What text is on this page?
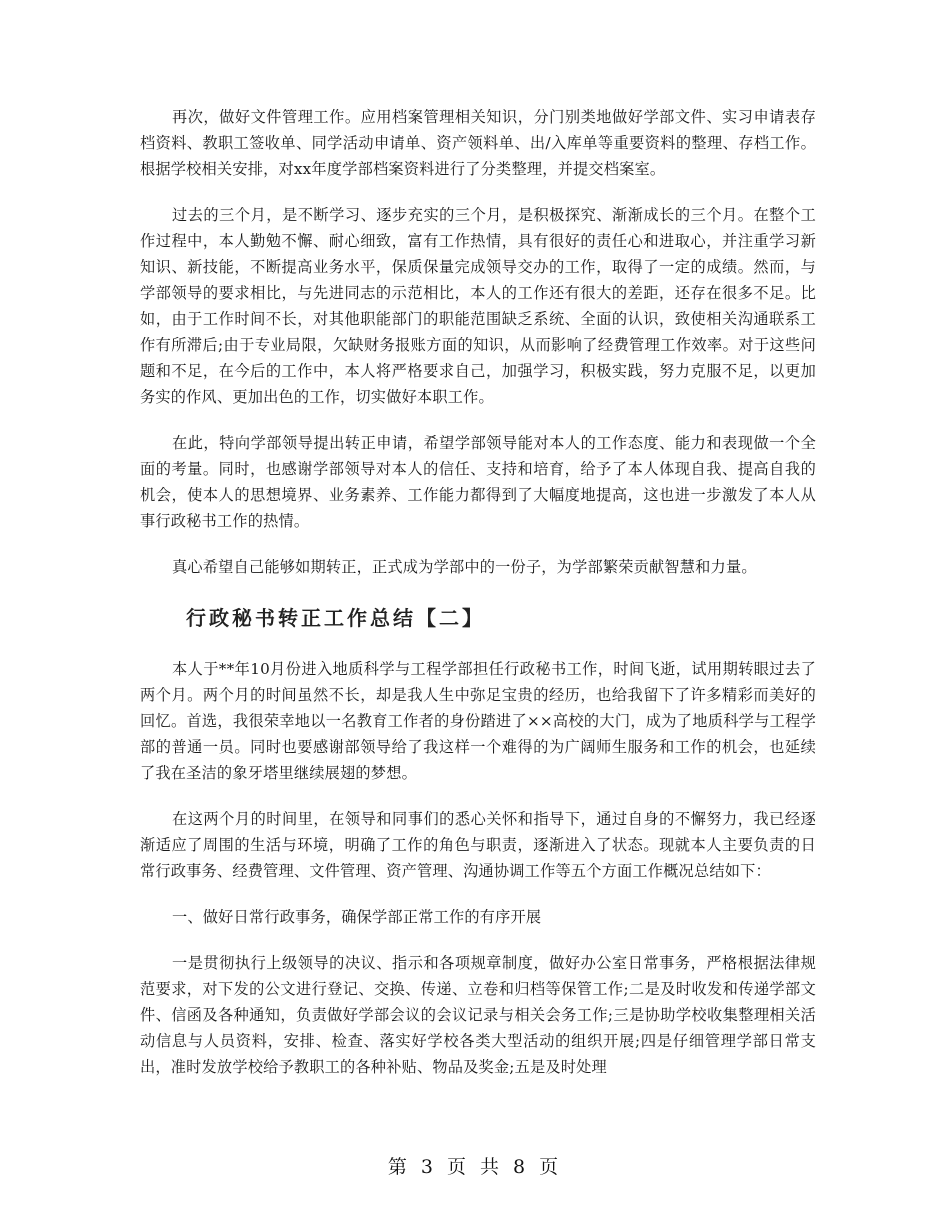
再次，做好文件管理工作。应用档案管理相关知识，分门别类地做好学部文件、实习申请表存档资料、教职工签收单、同学活动申请单、资产领料单、出/入库单等重要资料的整理、存档工作。根据学校相关安排，对xx年度学部档案资料进行了分类整理，并提交档案室。

过去的三个月，是不断学习、逐步充实的三个月，是积极探究、渐渐成长的三个月。在整个工作过程中，本人勤勉不懈、耐心细致，富有工作热情，具有很好的责任心和进取心，并注重学习新知识、新技能，不断提高业务水平，保质保量完成领导交办的工作，取得了一定的成绩。然而，与学部领导的要求相比，与先进同志的示范相比，本人的工作还有很大的差距，还存在很多不足。比如，由于工作时间不长，对其他职能部门的职能范围缺乏系统、全面的认识，致使相关沟通联系工作有所滞后;由于专业局限，欠缺财务报账方面的知识，从而影响了经费管理工作效率。对于这些问题和不足，在今后的工作中，本人将严格要求自己，加强学习，积极实践，努力克服不足，以更加务实的作风、更加出色的工作，切实做好本职工作。

在此，特向学部领导提出转正申请，希望学部领导能对本人的工作态度、能力和表现做一个全面的考量。同时，也感谢学部领导对本人的信任、支持和培育，给予了本人体现自我、提高自我的机会，使本人的思想境界、业务素养、工作能力都得到了大幅度地提高，这也进一步激发了本人从事行政秘书工作的热情。

真心希望自己能够如期转正，正式成为学部中的一份子，为学部繁荣贡献智慧和力量。

行政秘书转正工作总结【二】

本人于**年10月份进入地质科学与工程学部担任行政秘书工作，时间飞逝，试用期转眼过去了两个月。两个月的时间虽然不长，却是我人生中弥足宝贵的经历，也给我留下了许多精彩而美好的回忆。首选，我很荣幸地以一名教育工作者的身份踏进了××高校的大门，成为了地质科学与工程学部的普通一员。同时也要感谢部领导给了我这样一个难得的为广阔师生服务和工作的机会，也延续了我在圣洁的象牙塔里继续展翅的梦想。

在这两个月的时间里，在领导和同事们的悉心关怀和指导下，通过自身的不懈努力，我已经逐渐适应了周围的生活与环境，明确了工作的角色与职责，逐渐进入了状态。现就本人主要负责的日常行政事务、经费管理、文件管理、资产管理、沟通协调工作等五个方面工作概况总结如下：

一、做好日常行政事务，确保学部正常工作的有序开展

一是贯彻执行上级领导的决议、指示和各项规章制度，做好办公室日常事务，严格根据法律规范要求，对下发的公文进行登记、交换、传递、立卷和归档等保管工作;二是及时收发和传递学部文件、信函及各种通知，负责做好学部会议的会议记录与相关会务工作;三是协助学校收集整理相关活动信息与人员资料，安排、检查、落实好学校各类大型活动的组织开展;四是仔细管理学部日常支出，准时发放学校给予教职工的各种补贴、物品及奖金;五是及时处理

第 3 页 共 8 页
